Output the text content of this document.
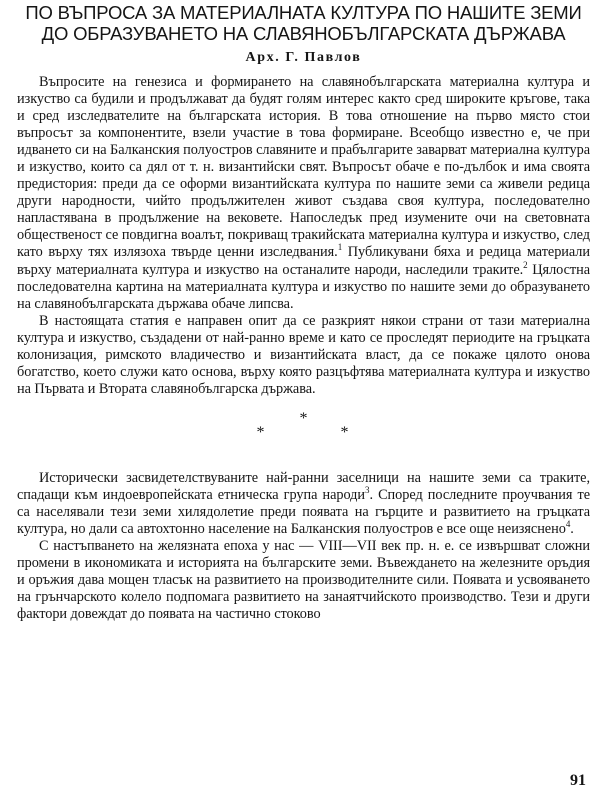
ПО ВЪПРОСА ЗА МАТЕРИАЛНАТА КУЛТУРА ПО НАШИТЕ ЗЕМИ
ДО ОБРАЗУВАНЕТО НА СЛАВЯНОБЪЛГАРСКАТА ДЪРЖАВА
Арх. Г. Павлов

Въпросите на генезиса и формирането на славянобългарската материална култура и изкуство са будили и продължават да будят голям интерес както сред широките кръгове, така и сред изследвателите на българската история. В това отношение на първо място стои въпросът за компонентите, взели участие в това формиране. Всеобщо известно е, че при идването си на Балканския полуостров славяните и прабългарите заварват материална култура и изкуство, които са дял от т. н. византийски свят. Въпросът обаче е по-дълбок и има своята предистория: преди да се оформи византийската култура по нашите земи са живели редица други народности, чийто продължителен живот създава своя култура, последователно напластявана в продължение на вековете. Напоследък пред изумените очи на световната общественост се повдигна воалът, покриващ тракийската материална култура и изкуство, след като върху тях излязоха твърде ценни изследвания.$^1$ Публикувани бяха и редица материали върху материалната култура и изкуство на останалите народи, наследили траките.$^2$ Цялостна последователна картина на материалната култура и изкуство по нашите земи до образуването на славянобългарската държава обаче липсва.

В настоящата статия е направен опит да се разкрият някои страни от тази материална култура и изкуство, създадени от най-ранно време и като се проследят периодите на гръцката колонизация, римското владичество и византийската власт, да се покаже цялото онова богатство, което служи като основа, върху която разцъфтява материалната култура и изкуство на Първата и Втората славянобългарска държава.

*
*	*

Исторически засвидетелствуваните най-ранни заселници на нашите земи са траките, спадащи към индоевропейската етническа група народи$^3$. Според последните проучвания те са населявали тези земи хилядолетие преди появата на гърците и развитието на гръцката култура, но дали са автохтонно население на Балканския полуостров е все още неизяснено$^4$.

С настъпването на желязната епоха у нас — VIII—VII век пр. н. е. се извършват сложни промени в икономиката и историята на българските земи. Въвеждането на железните оръдия и оръжия дава мощен тласък на развитието на производителните сили. Появата и усвояването на грънчарското колело подпомага развитието на занаятчийското производство. Тези и други фактори довеждат до появата на частично стоково

91
